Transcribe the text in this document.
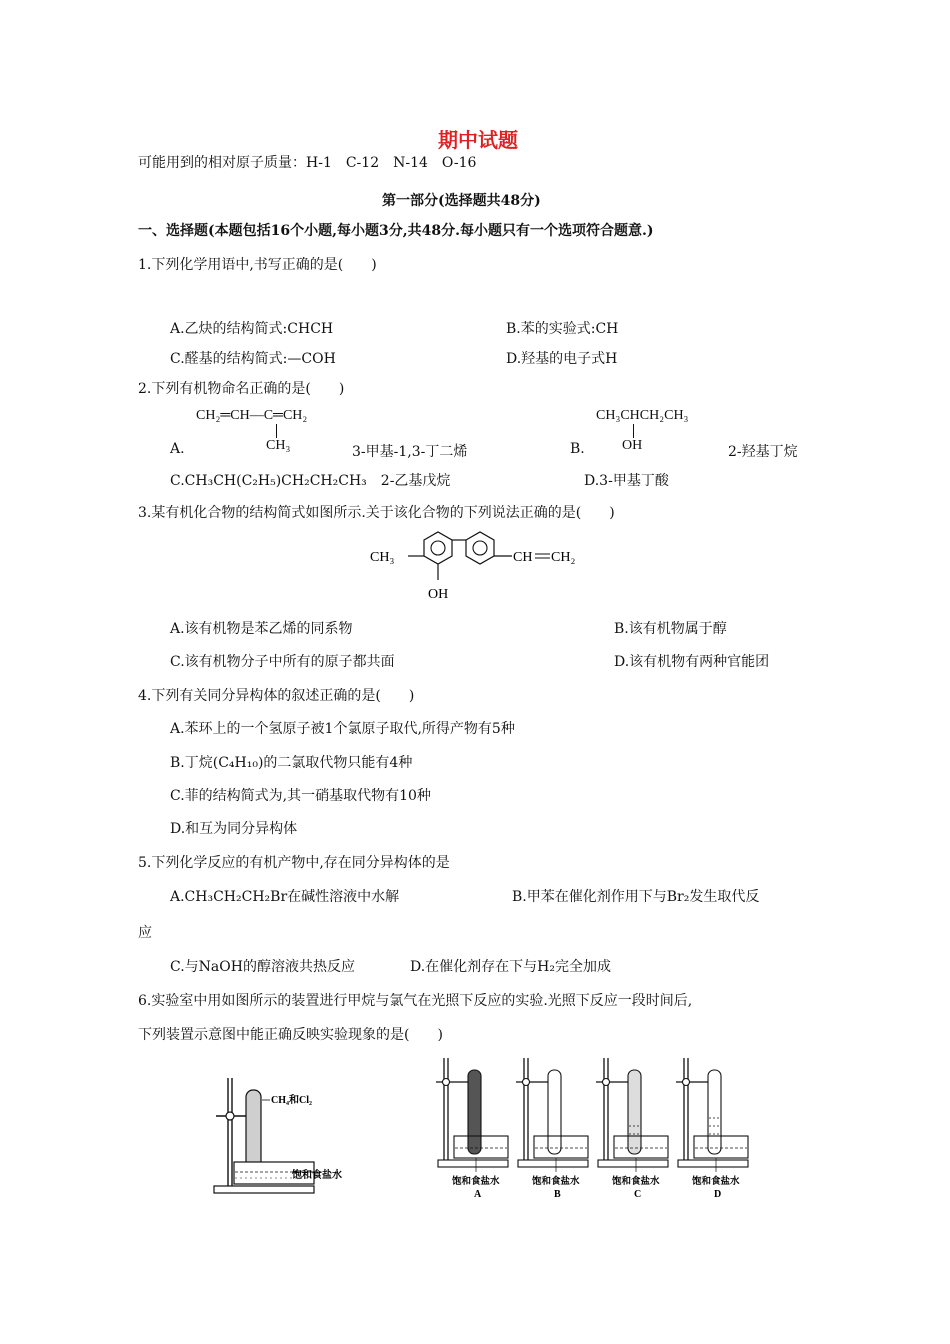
期中试题
可能用到的相对原子质量：H-1　C-12　N-14　O-16
第一部分(选择题共48分)
一、选择题(本题包括16个小题,每小题3分,共48分.每小题只有一个选项符合题意.)
1.下列化学用语中,书写正确的是(　　)
A.乙炔的结构简式:CHCH	B.苯的实验式:CH
C.醛基的结构简式:—COH	D.羟基的电子式H
2.下列有机物命名正确的是(　　)
CH₂═CH—C═CH₂
CH₃
A.	3-甲基-1,3-丁二烯
CH₃CHCH₂CH₃
OH
B.	2-羟基丁烷
C.CH₃CH(C₂H₅)CH₂CH₂CH₃　2-乙基戊烷	D.3-甲基丁酸
3.某有机化合物的结构简式如图所示.关于该化合物的下列说法正确的是(　　)
CH₃
OH
CH CH₂
A.该有机物是苯乙烯的同系物	B.该有机物属于醇
C.该有机物分子中所有的原子都共面	D.该有机物有两种官能团
4.下列有关同分异构体的叙述正确的是(　　)
A.苯环上的一个氢原子被1个氯原子取代,所得产物有5种
B.丁烷(C₄H₁₀)的二氯取代物只能有4种
C.菲的结构简式为,其一硝基取代物有10种
D.和互为同分异构体
5.下列化学反应的有机产物中,存在同分异构体的是
A.CH₃CH₂CH₂Br在碱性溶液中水解	B.甲苯在催化剂作用下与Br₂发生取代反
应
C.与NaOH的醇溶液共热反应	D.在催化剂存在下与H₂完全加成
6.实验室中用如图所示的装置进行甲烷与氯气在光照下反应的实验.光照下反应一段时间后,
下列装置示意图中能正确反映实验现象的是(　　)
CH₄和Cl₂
饱和食盐水
饱和食盐水
A
饱和食盐水
B
饱和食盐水
C
饱和食盐水
D
